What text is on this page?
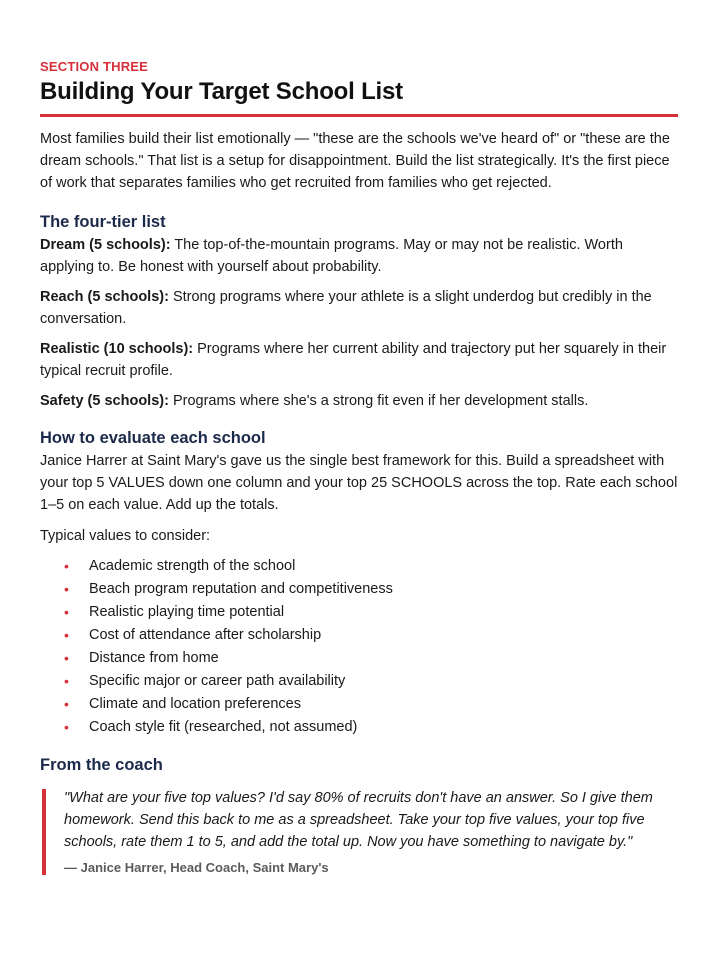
SECTION THREE
Building Your Target School List

Most families build their list emotionally — "these are the schools we've heard of" or "these are the dream schools." That list is a setup for disappointment. Build the list strategically. It's the first piece of work that separates families who get recruited from families who get rejected.

The four-tier list

Dream (5 schools): The top-of-the-mountain programs. May or may not be realistic. Worth applying to. Be honest with yourself about probability.

Reach (5 schools): Strong programs where your athlete is a slight underdog but credibly in the conversation.

Realistic (10 schools): Programs where her current ability and trajectory put her squarely in their typical recruit profile.

Safety (5 schools): Programs where she's a strong fit even if her development stalls.

How to evaluate each school

Janice Harrer at Saint Mary's gave us the single best framework for this. Build a spreadsheet with your top 5 VALUES down one column and your top 25 SCHOOLS across the top. Rate each school 1–5 on each value. Add up the totals.

Typical values to consider:

• Academic strength of the school
• Beach program reputation and competitiveness
• Realistic playing time potential
• Cost of attendance after scholarship
• Distance from home
• Specific major or career path availability
• Climate and location preferences
• Coach style fit (researched, not assumed)
From the coach

"What are your five top values? I'd say 80% of recruits don't have an answer. So I give them homework. Send this back to me as a spreadsheet. Take your top five values, your top five schools, rate them 1 to 5, and add the total up. Now you have something to navigate by."

— Janice Harrer, Head Coach, Saint Mary's
